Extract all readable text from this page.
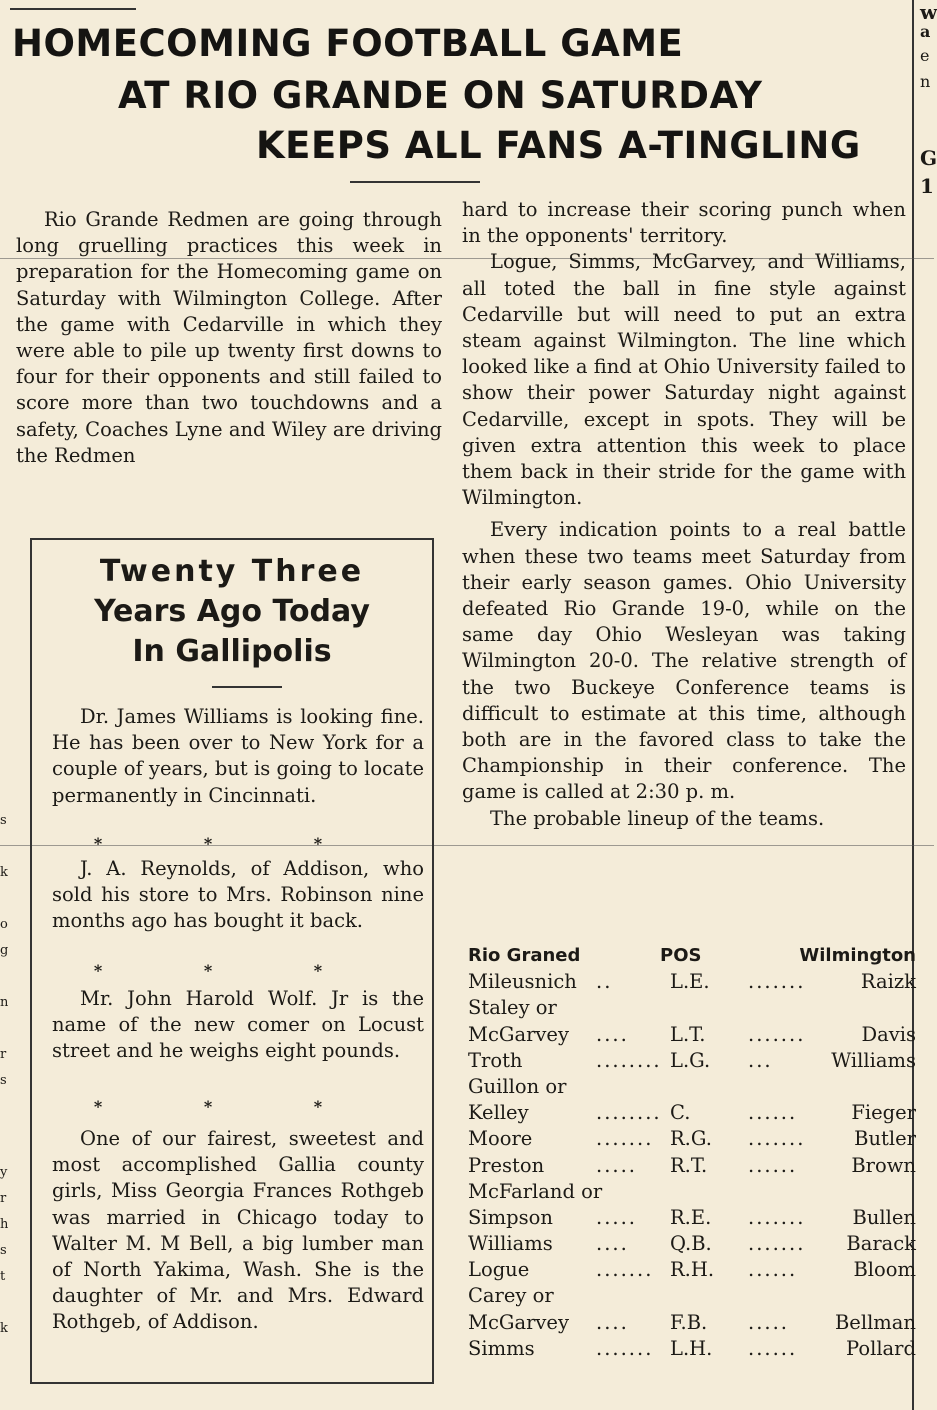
w
a
e
n
G
1
s
k
o
g
n
r
s
y
r
h
s
t
k
HOMECOMING FOOTBALL GAME
AT RIO GRANDE ON SATURDAY
KEEPS ALL FANS A-TINGLING

Rio Grande Redmen are going through long gruelling practices this week in preparation for the Homecoming game on Saturday with Wilmington College. After the game with Cedarville in which they were able to pile up twenty first downs to four for their opponents and still failed to score more than two touchdowns and a safety, Coaches Lyne and Wiley are driving the Redmen

hard to increase their scoring punch when in the opponents' territory.

Logue, Simms, McGarvey, and Williams, all toted the ball in fine style against Cedarville but will need to put an extra steam against Wilmington. The line which looked like a find at Ohio University failed to show their power Saturday night against Cedarville, except in spots. They will be given extra attention this week to place them back in their stride for the game with Wilmington.

Every indication points to a real battle when these two teams meet Saturday from their early season games. Ohio University defeated Rio Grande 19-0, while on the same day Ohio Wesleyan was taking Wilmington 20-0. The relative strength of the two Buckeye Conference teams is difficult to estimate at this time, although both are in the favored class to take the Championship in their conference. The game is called at 2:30 p. m.

The probable lineup of the teams.

Rio Graned	POS	Wilmington
Mileusnich ..	L.E. .......	Raizk
Staley or
McGarvey .... L.T. .......	Davis
Troth	........ L.G. ...	Williams
Guillon or
Kelley	........ C.	......	Fieger
Moore	....... R.G. .......	Butler
Preston	..... R.T. ......	Brown
McFarland or
Simpson ..... R.E. ....... Bullen
Williams .... Q.B. ....... Barack
Logue	....... R.H. ......	Bloom
Carey or
McGarvey .... F.B. ..... Bellman
Simms	....... L.H. ......	Pollard
Twenty Three
Years Ago Today
In Gallipolis

Dr. James Williams is looking fine. He has been over to New York for a couple of years, but is going to locate permanently in Cincinnati.

* * *

J. A. Reynolds, of Addison, who sold his store to Mrs. Robinson nine months ago has bought it back.

* * *

Mr. John Harold Wolf. Jr is the name of the new comer on Locust street and he weighs eight pounds.

* * *

One of our fairest, sweetest and most accomplished Gallia county girls, Miss Georgia Frances Rothgeb was married in Chicago today to Walter M. M Bell, a big lumber man of North Yakima, Wash. She is the daughter of Mr. and Mrs. Edward Rothgeb, of Addison.
